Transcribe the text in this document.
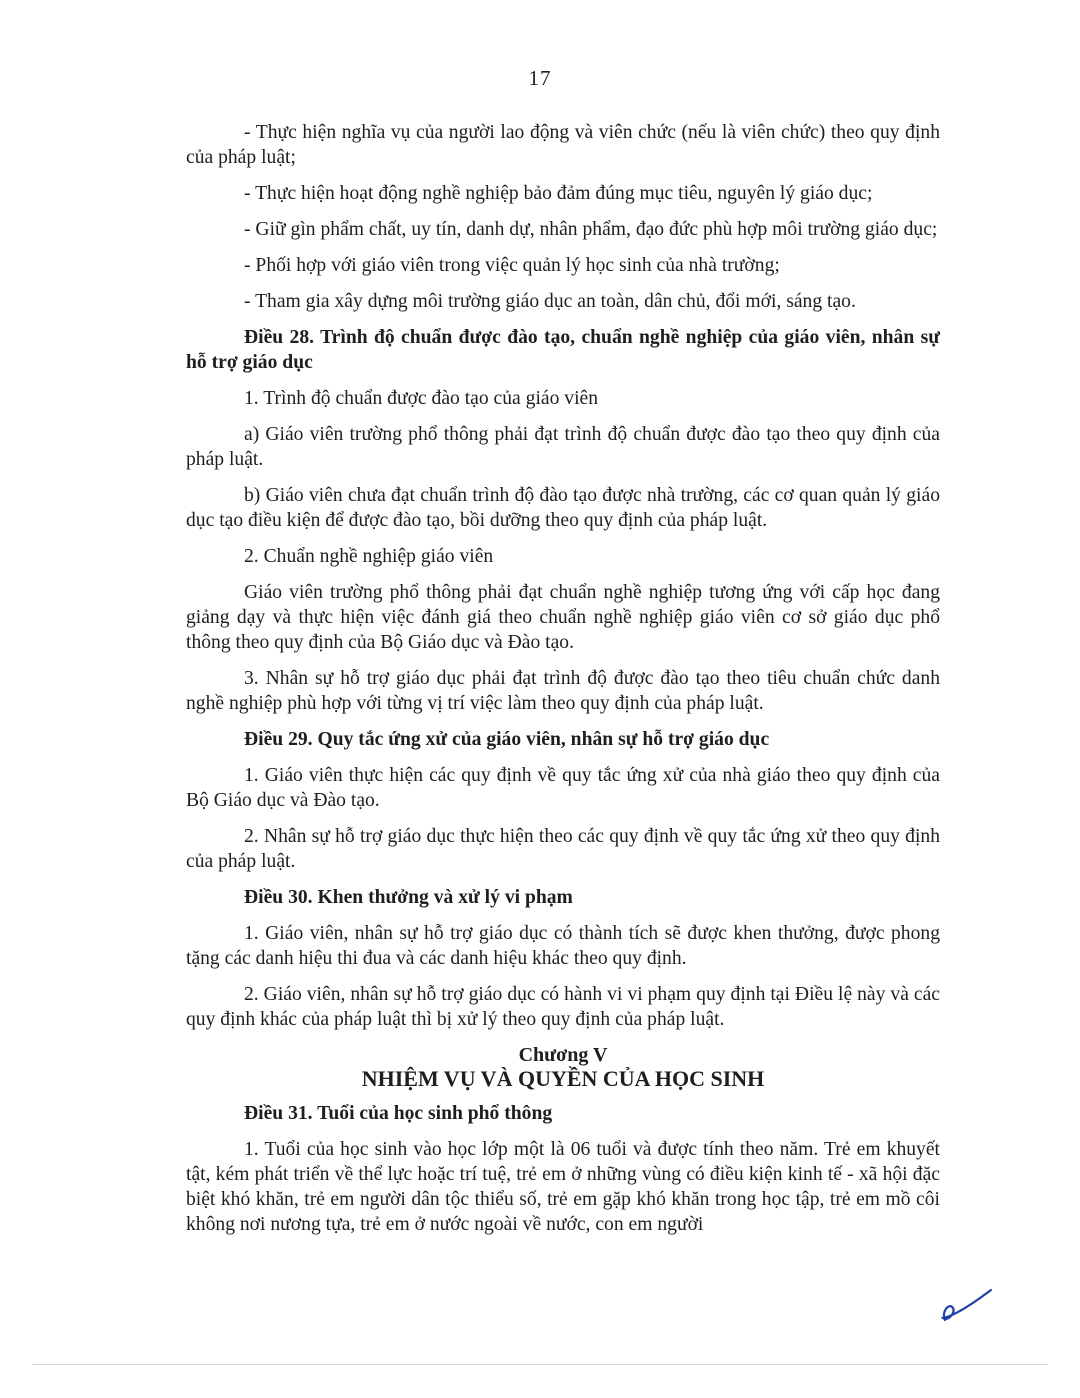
17

- Thực hiện nghĩa vụ của người lao động và viên chức (nếu là viên chức) theo quy định của pháp luật;

- Thực hiện hoạt động nghề nghiệp bảo đảm đúng mục tiêu, nguyên lý giáo dục;

- Giữ gìn phẩm chất, uy tín, danh dự, nhân phẩm, đạo đức phù hợp môi trường giáo dục;

- Phối hợp với giáo viên trong việc quản lý học sinh của nhà trường;

- Tham gia xây dựng môi trường giáo dục an toàn, dân chủ, đổi mới, sáng tạo.

Điều 28. Trình độ chuẩn được đào tạo, chuẩn nghề nghiệp của giáo viên, nhân sự hỗ trợ giáo dục

1. Trình độ chuẩn được đào tạo của giáo viên

a) Giáo viên trường phổ thông phải đạt trình độ chuẩn được đào tạo theo quy định của pháp luật.

b) Giáo viên chưa đạt chuẩn trình độ đào tạo được nhà trường, các cơ quan quản lý giáo dục tạo điều kiện để được đào tạo, bồi dưỡng theo quy định của pháp luật.

2. Chuẩn nghề nghiệp giáo viên

Giáo viên trường phổ thông phải đạt chuẩn nghề nghiệp tương ứng với cấp học đang giảng dạy và thực hiện việc đánh giá theo chuẩn nghề nghiệp giáo viên cơ sở giáo dục phổ thông theo quy định của Bộ Giáo dục và Đào tạo.

3. Nhân sự hỗ trợ giáo dục phải đạt trình độ được đào tạo theo tiêu chuẩn chức danh nghề nghiệp phù hợp với từng vị trí việc làm theo quy định của pháp luật.

Điều 29. Quy tắc ứng xử của giáo viên, nhân sự hỗ trợ giáo dục

1. Giáo viên thực hiện các quy định về quy tắc ứng xử của nhà giáo theo quy định của Bộ Giáo dục và Đào tạo.

2. Nhân sự hỗ trợ giáo dục thực hiện theo các quy định về quy tắc ứng xử theo quy định của pháp luật.

Điều 30. Khen thưởng và xử lý vi phạm

1. Giáo viên, nhân sự hỗ trợ giáo dục có thành tích sẽ được khen thưởng, được phong tặng các danh hiệu thi đua và các danh hiệu khác theo quy định.

2. Giáo viên, nhân sự hỗ trợ giáo dục có hành vi vi phạm quy định tại Điều lệ này và các quy định khác của pháp luật thì bị xử lý theo quy định của pháp luật.

Chương V
NHIỆM VỤ VÀ QUYỀN CỦA HỌC SINH

Điều 31. Tuổi của học sinh phổ thông

1. Tuổi của học sinh vào học lớp một là 06 tuổi và được tính theo năm. Trẻ em khuyết tật, kém phát triển về thể lực hoặc trí tuệ, trẻ em ở những vùng có điều kiện kinh tế - xã hội đặc biệt khó khăn, trẻ em người dân tộc thiểu số, trẻ em gặp khó khăn trong học tập, trẻ em mồ côi không nơi nương tựa, trẻ em ở nước ngoài về nước, con em người
